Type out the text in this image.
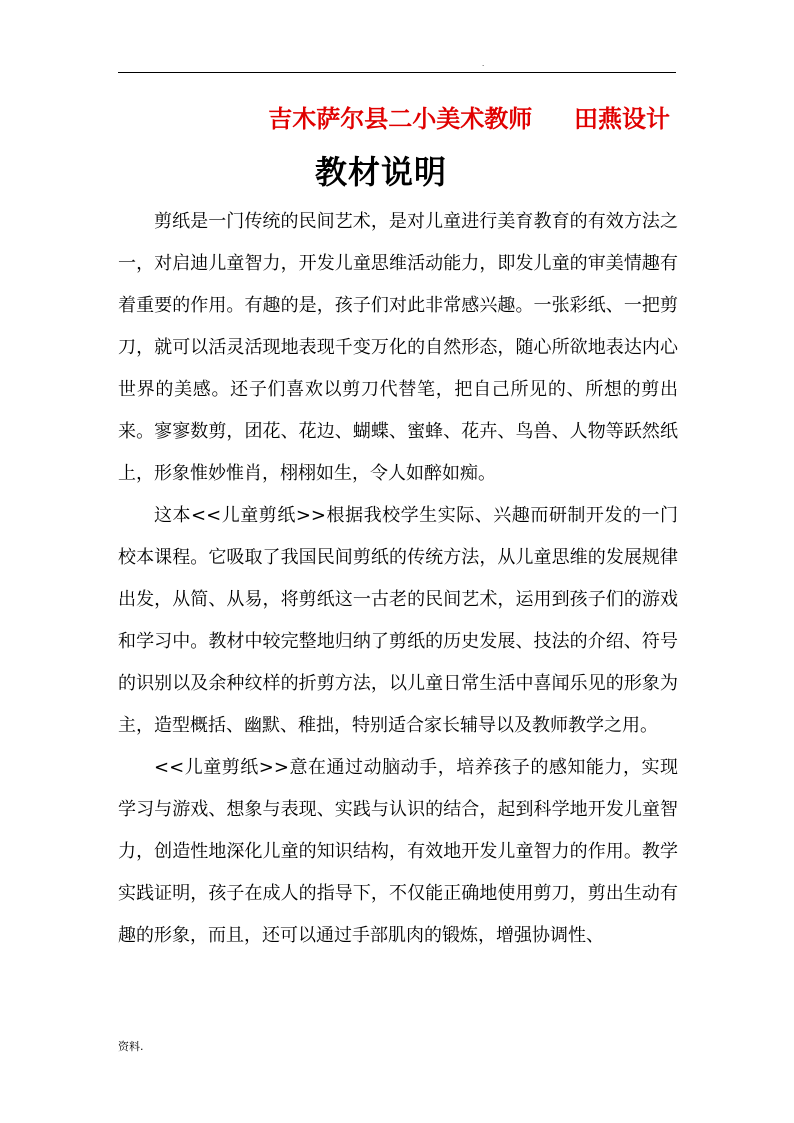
.
吉木萨尔县二小美术教师     田燕设计
教材说明

剪纸是一门传统的民间艺术，是对儿童进行美育教育的有效方法之一，对启迪儿童智力，开发儿童思维活动能力，即发儿童的审美情趣有着重要的作用。有趣的是，孩子们对此非常感兴趣。一张彩纸、一把剪刀，就可以活灵活现地表现千变万化的自然形态，随心所欲地表达内心世界的美感。还子们喜欢以剪刀代替笔，把自己所见的、所想的剪出来。寥寥数剪，团花、花边、蝴蝶、蜜蜂、花卉、鸟兽、人物等跃然纸上，形象惟妙惟肖，栩栩如生，令人如醉如痴。

这本<<儿童剪纸>>根据我校学生实际、兴趣而研制开发的一门校本课程。它吸取了我国民间剪纸的传统方法，从儿童思维的发展规律出发，从简、从易，将剪纸这一古老的民间艺术，运用到孩子们的游戏和学习中。教材中较完整地归纳了剪纸的历史发展、技法的介绍、符号的识别以及余种纹样的折剪方法，以儿童日常生活中喜闻乐见的形象为主，造型概括、幽默、稚拙，特别适合家长辅导以及教师教学之用。

<<儿童剪纸>>意在通过动脑动手，培养孩子的感知能力，实现学习与游戏、想象与表现、实践与认识的结合，起到科学地开发儿童智力，创造性地深化儿童的知识结构，有效地开发儿童智力的作用。教学实践证明，孩子在成人的指导下，不仅能正确地使用剪刀，剪出生动有趣的形象，而且，还可以通过手部肌肉的锻炼，增强协调性、

资料.
